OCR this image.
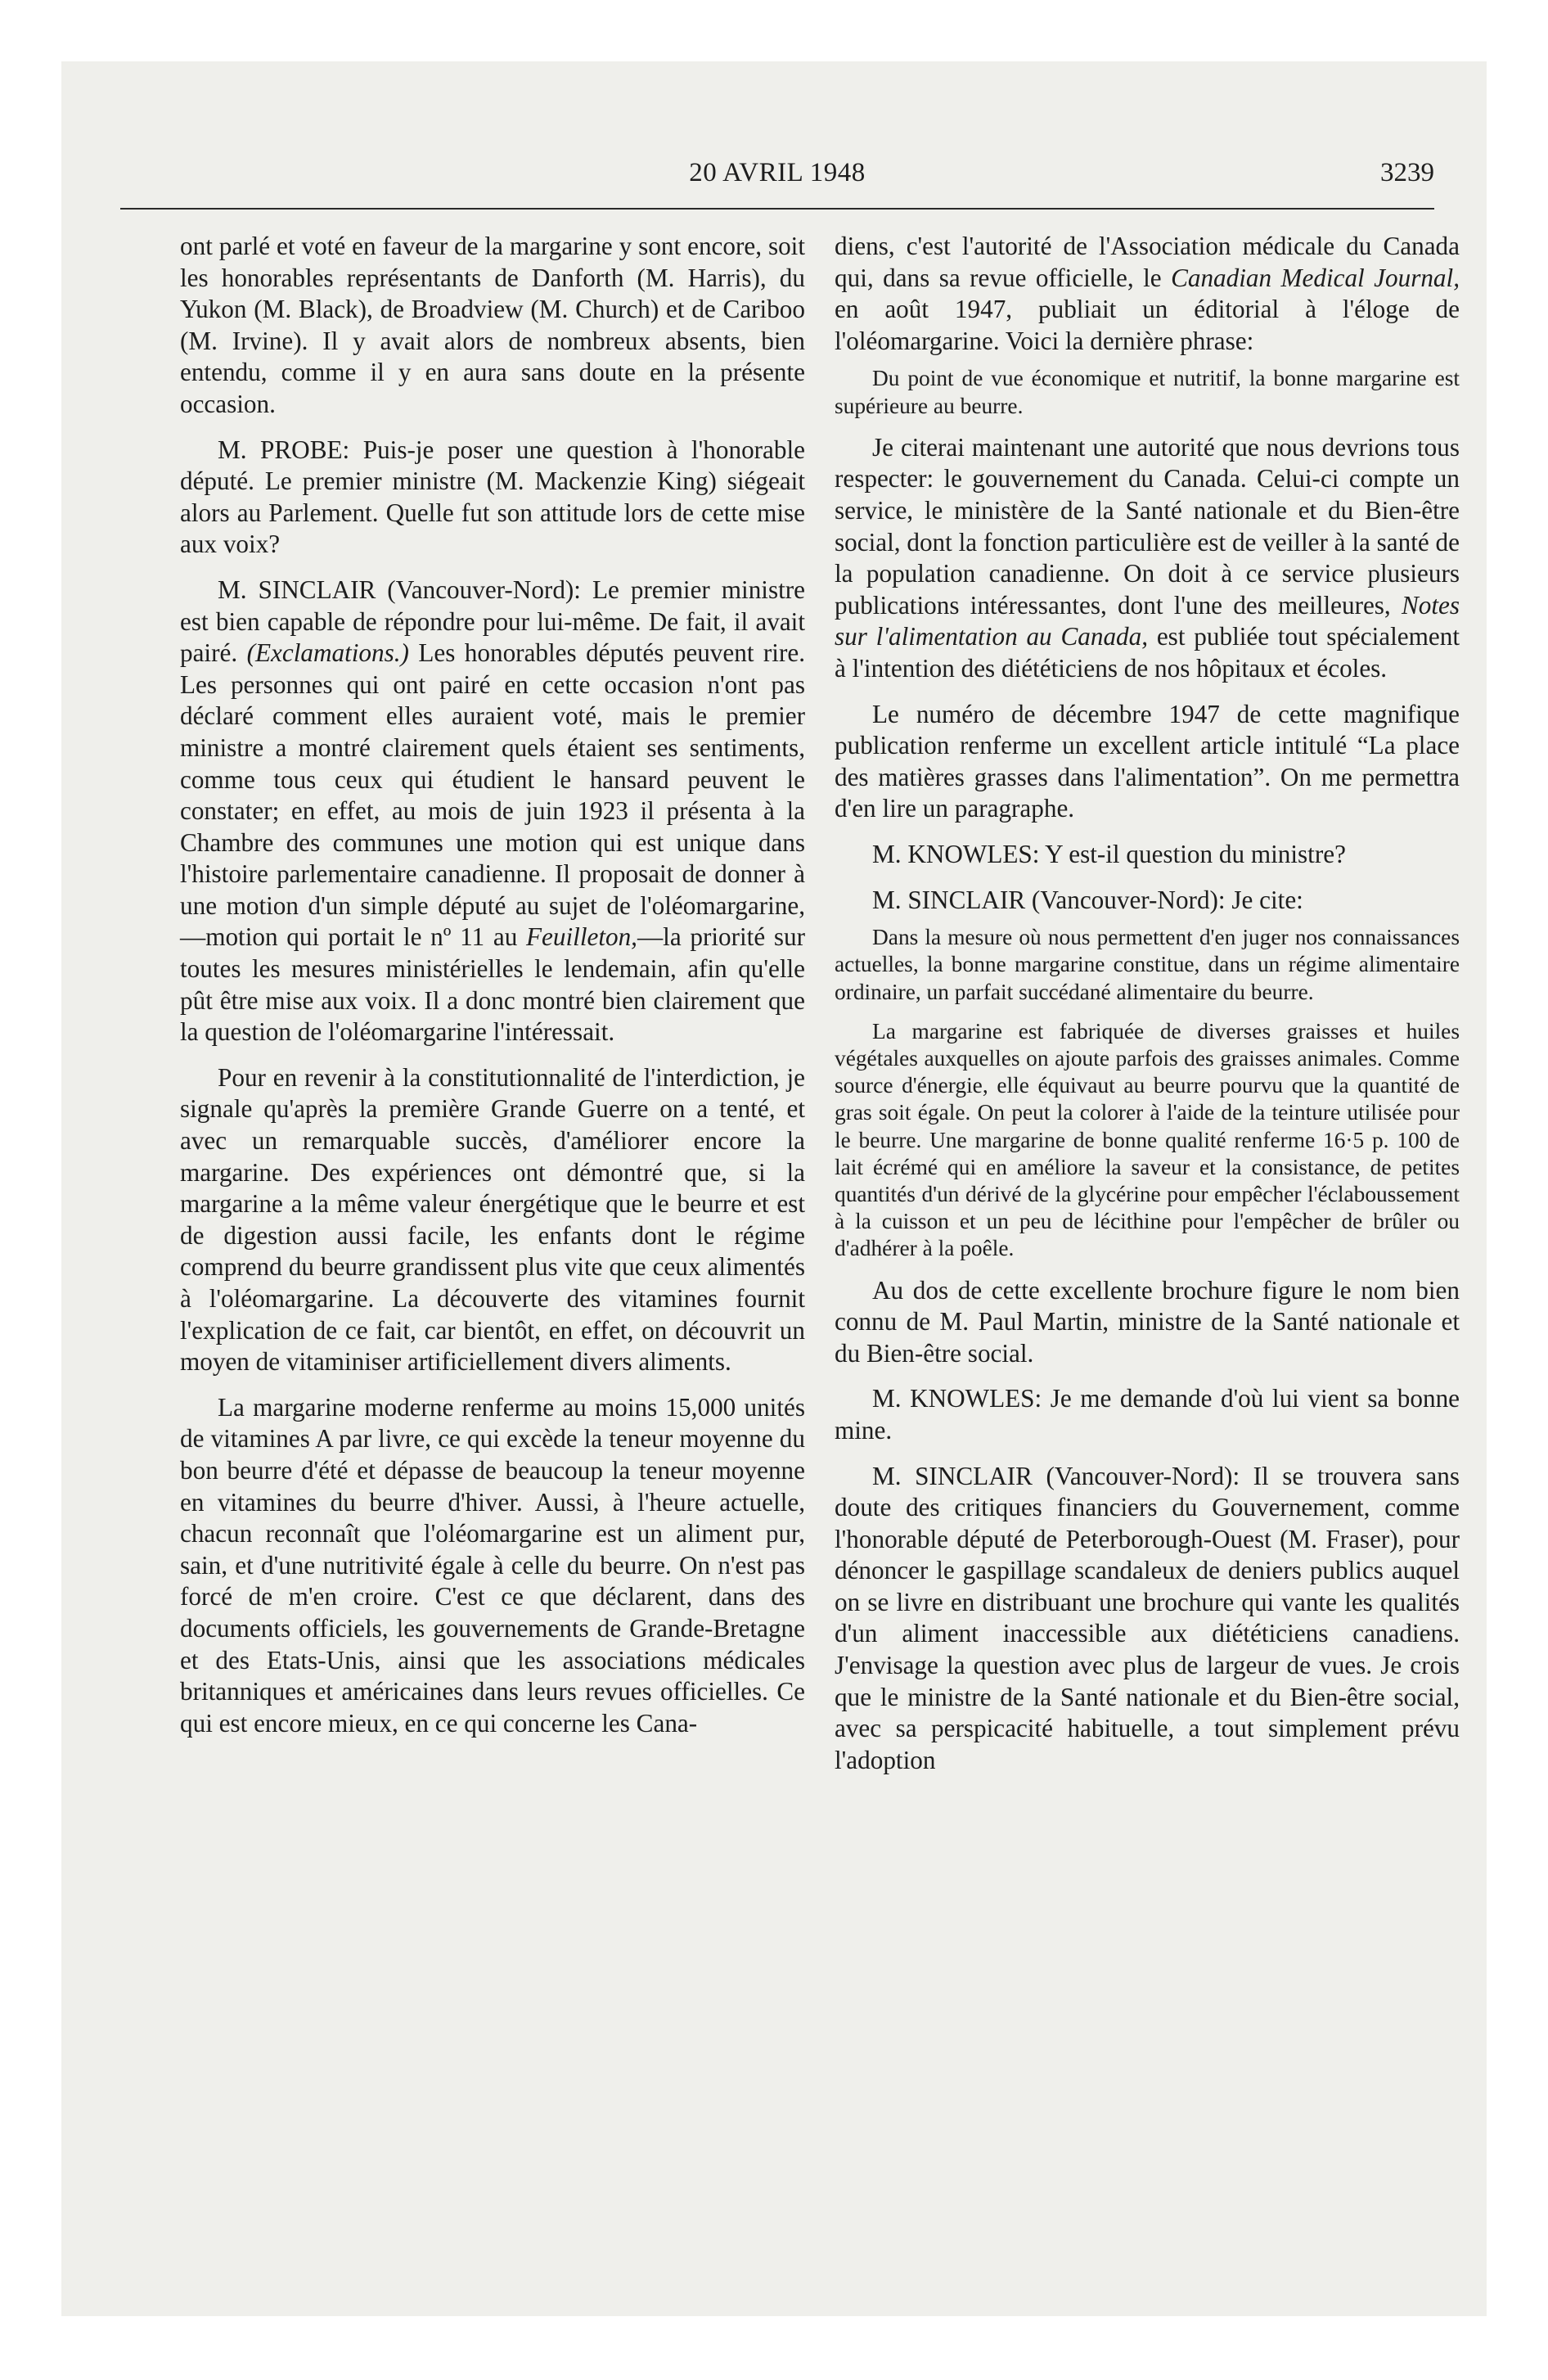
20 AVRIL 1948	3239

ont parlé et voté en faveur de la margarine y sont encore, soit les honorables représentants de Danforth (M. Harris), du Yukon (M. Black), de Broadview (M. Church) et de Cariboo (M. Irvine). Il y avait alors de nombreux absents, bien entendu, comme il y en aura sans doute en la présente occasion.

M. PROBE: Puis-je poser une question à l'honorable député. Le premier ministre (M. Mackenzie King) siégeait alors au Parlement. Quelle fut son attitude lors de cette mise aux voix?

M. SINCLAIR (Vancouver-Nord): Le premier ministre est bien capable de répondre pour lui-même. De fait, il avait pairé. (Exclamations.) Les honorables députés peuvent rire. Les personnes qui ont pairé en cette occasion n'ont pas déclaré comment elles auraient voté, mais le premier ministre a montré clairement quels étaient ses sentiments, comme tous ceux qui étudient le hansard peuvent le constater; en effet, au mois de juin 1923 il présenta à la Chambre des communes une motion qui est unique dans l'histoire parlementaire canadienne. Il proposait de donner à une motion d'un simple député au sujet de l'oléomargarine,—motion qui portait le nº 11 au Feuilleton,—la priorité sur toutes les mesures ministérielles le lendemain, afin qu'elle pût être mise aux voix. Il a donc montré bien clairement que la question de l'oléomargarine l'intéressait.

Pour en revenir à la constitutionnalité de l'interdiction, je signale qu'après la première Grande Guerre on a tenté, et avec un remarquable succès, d'améliorer encore la margarine. Des expériences ont démontré que, si la margarine a la même valeur énergétique que le beurre et est de digestion aussi facile, les enfants dont le régime comprend du beurre grandissent plus vite que ceux alimentés à l'oléomargarine. La découverte des vitamines fournit l'explication de ce fait, car bientôt, en effet, on découvrit un moyen de vitaminiser artificiellement divers aliments.

La margarine moderne renferme au moins 15,000 unités de vitamines A par livre, ce qui excède la teneur moyenne du bon beurre d'été et dépasse de beaucoup la teneur moyenne en vitamines du beurre d'hiver. Aussi, à l'heure actuelle, chacun reconnaît que l'oléomargarine est un aliment pur, sain, et d'une nutritivité égale à celle du beurre. On n'est pas forcé de m'en croire. C'est ce que déclarent, dans des documents officiels, les gouvernements de Grande-Bretagne et des Etats-Unis, ainsi que les associations médicales britanniques et américaines dans leurs revues officielles. Ce qui est encore mieux, en ce qui concerne les Cana-

diens, c'est l'autorité de l'Association médicale du Canada qui, dans sa revue officielle, le Canadian Medical Journal, en août 1947, publiait un éditorial à l'éloge de l'oléomargarine. Voici la dernière phrase:

Du point de vue économique et nutritif, la bonne margarine est supérieure au beurre.

Je citerai maintenant une autorité que nous devrions tous respecter: le gouvernement du Canada. Celui-ci compte un service, le ministère de la Santé nationale et du Bien-être social, dont la fonction particulière est de veiller à la santé de la population canadienne. On doit à ce service plusieurs publications intéressantes, dont l'une des meilleures, Notes sur l'alimentation au Canada, est publiée tout spécialement à l'intention des diététiciens de nos hôpitaux et écoles.

Le numéro de décembre 1947 de cette magnifique publication renferme un excellent article intitulé “La place des matières grasses dans l'alimentation”. On me permettra d'en lire un paragraphe.

M. KNOWLES: Y est-il question du ministre?

M. SINCLAIR (Vancouver-Nord): Je cite:

Dans la mesure où nous permettent d'en juger nos connaissances actuelles, la bonne margarine constitue, dans un régime alimentaire ordinaire, un parfait succédané alimentaire du beurre.

La margarine est fabriquée de diverses graisses et huiles végétales auxquelles on ajoute parfois des graisses animales. Comme source d'énergie, elle équivaut au beurre pourvu que la quantité de gras soit égale. On peut la colorer à l'aide de la teinture utilisée pour le beurre. Une margarine de bonne qualité renferme 16·5 p. 100 de lait écrémé qui en améliore la saveur et la consistance, de petites quantités d'un dérivé de la glycérine pour empêcher l'éclaboussement à la cuisson et un peu de lécithine pour l'empêcher de brûler ou d'adhérer à la poêle.

Au dos de cette excellente brochure figure le nom bien connu de M. Paul Martin, ministre de la Santé nationale et du Bien-être social.

M. KNOWLES: Je me demande d'où lui vient sa bonne mine.

M. SINCLAIR (Vancouver-Nord): Il se trouvera sans doute des critiques financiers du Gouvernement, comme l'honorable député de Peterborough-Ouest (M. Fraser), pour dénoncer le gaspillage scandaleux de deniers publics auquel on se livre en distribuant une brochure qui vante les qualités d'un aliment inaccessible aux diététiciens canadiens. J'envisage la question avec plus de largeur de vues. Je crois que le ministre de la Santé nationale et du Bien-être social, avec sa perspicacité habituelle, a tout simplement prévu l'adoption
